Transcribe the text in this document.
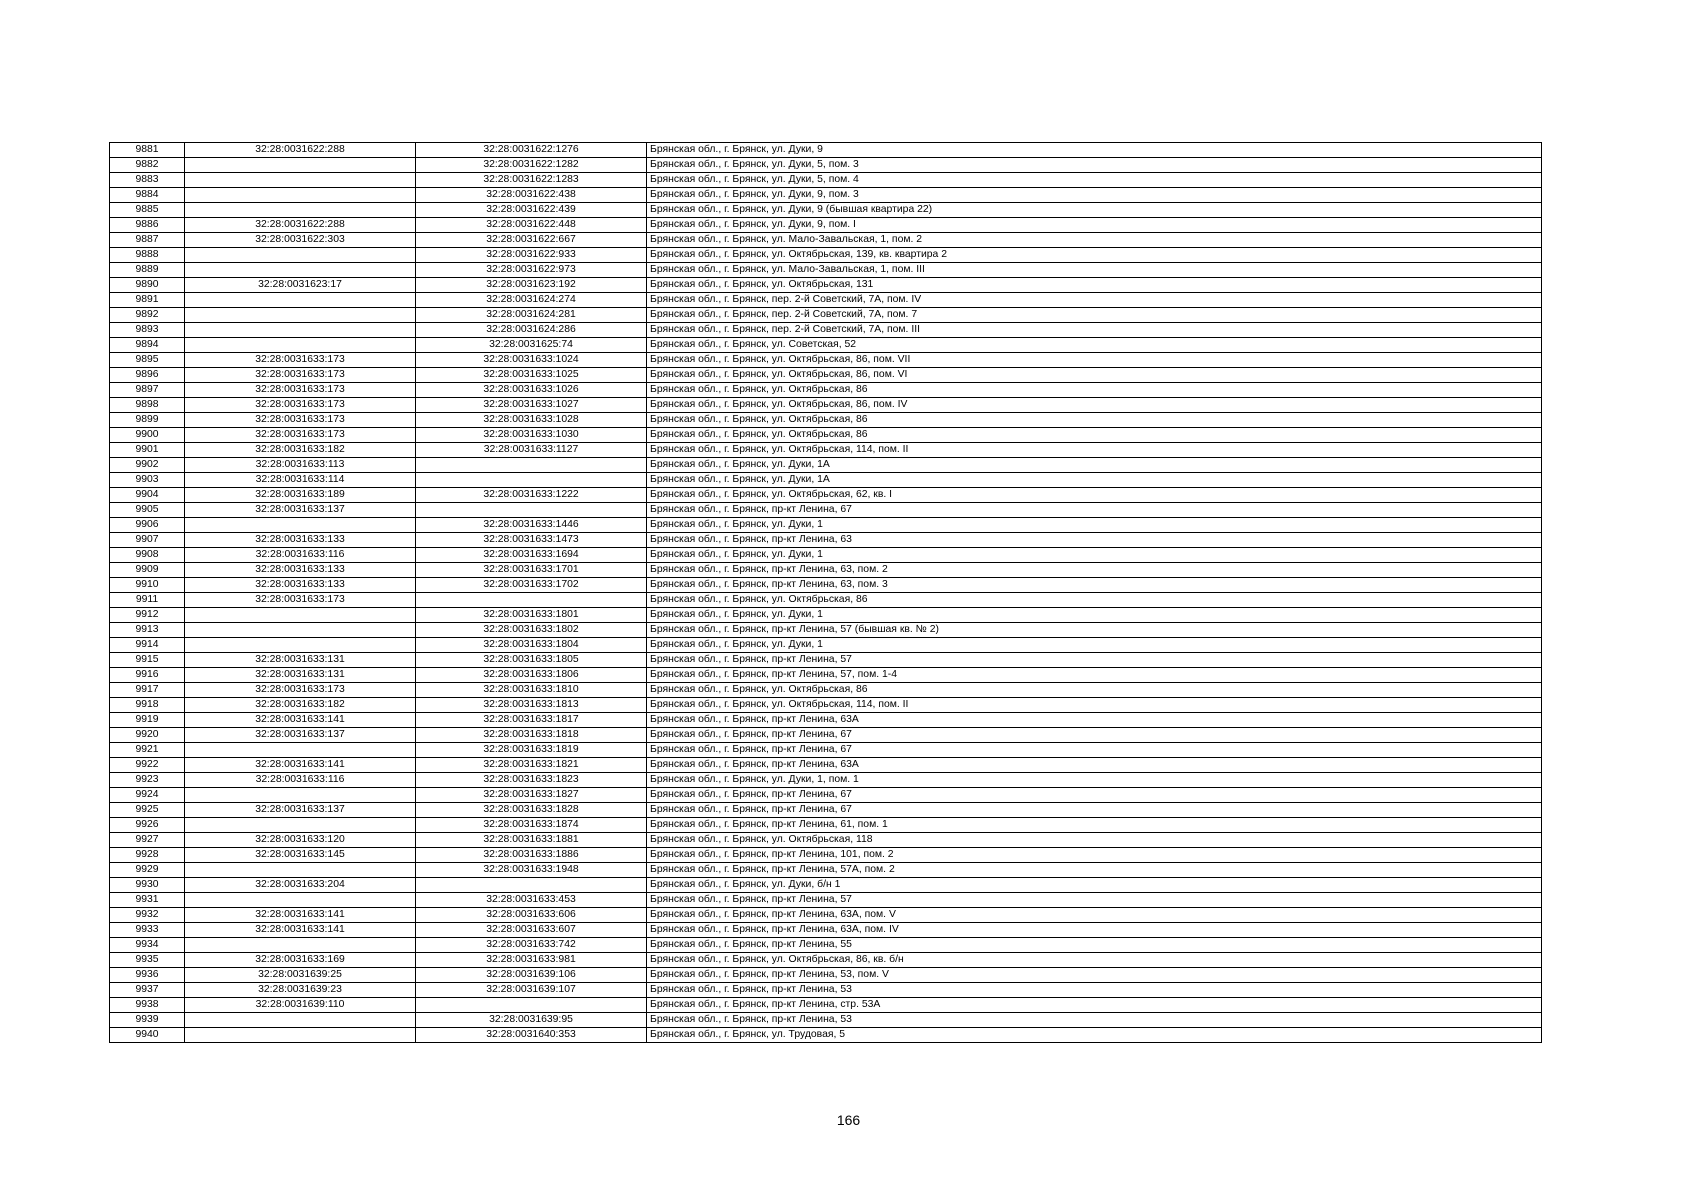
9881	32:28:0031622:288	32:28:0031622:1276	Брянская обл., г. Брянск, ул. Дуки, 9
9882		32:28:0031622:1282	Брянская обл., г. Брянск, ул. Дуки, 5, пом. 3
9883		32:28:0031622:1283	Брянская обл., г. Брянск, ул. Дуки, 5, пом. 4
9884		32:28:0031622:438	Брянская обл., г. Брянск, ул. Дуки, 9, пом. 3
9885		32:28:0031622:439	Брянская обл., г. Брянск, ул. Дуки, 9 (бывшая квартира 22)
9886	32:28:0031622:288	32:28:0031622:448	Брянская обл., г. Брянск, ул. Дуки, 9, пом. I
9887	32:28:0031622:303	32:28:0031622:667	Брянская обл., г. Брянск, ул. Мало-Завальская, 1, пом. 2
9888		32:28:0031622:933	Брянская обл., г. Брянск, ул. Октябрьская, 139, кв. квартира 2
9889		32:28:0031622:973	Брянская обл., г. Брянск, ул. Мало-Завальская, 1, пом. III
9890	32:28:0031623:17	32:28:0031623:192	Брянская обл., г. Брянск, ул. Октябрьская, 131
9891		32:28:0031624:274	Брянская обл., г. Брянск, пер. 2-й Советский, 7А, пом. IV
9892		32:28:0031624:281	Брянская обл., г. Брянск, пер. 2-й Советский, 7А, пом. 7
9893		32:28:0031624:286	Брянская обл., г. Брянск, пер. 2-й Советский, 7А, пом. III
9894		32:28:0031625:74	Брянская обл., г. Брянск, ул. Советская, 52
9895	32:28:0031633:173	32:28:0031633:1024	Брянская обл., г. Брянск, ул. Октябрьская, 86, пом. VII
9896	32:28:0031633:173	32:28:0031633:1025	Брянская обл., г. Брянск, ул. Октябрьская, 86, пом. VI
9897	32:28:0031633:173	32:28:0031633:1026	Брянская обл., г. Брянск, ул. Октябрьская, 86
9898	32:28:0031633:173	32:28:0031633:1027	Брянская обл., г. Брянск, ул. Октябрьская, 86, пом. IV
9899	32:28:0031633:173	32:28:0031633:1028	Брянская обл., г. Брянск, ул. Октябрьская, 86
9900	32:28:0031633:173	32:28:0031633:1030	Брянская обл., г. Брянск, ул. Октябрьская, 86
9901	32:28:0031633:182	32:28:0031633:1127	Брянская обл., г. Брянск, ул. Октябрьская, 114, пом. II
9902	32:28:0031633:113		Брянская обл., г. Брянск, ул. Дуки, 1А
9903	32:28:0031633:114		Брянская обл., г. Брянск, ул. Дуки, 1А
9904	32:28:0031633:189	32:28:0031633:1222	Брянская обл., г. Брянск, ул. Октябрьская, 62, кв. I
9905	32:28:0031633:137		Брянская обл., г. Брянск, пр-кт Ленина, 67
9906		32:28:0031633:1446	Брянская обл., г. Брянск, ул. Дуки, 1
9907	32:28:0031633:133	32:28:0031633:1473	Брянская обл., г. Брянск, пр-кт Ленина, 63
9908	32:28:0031633:116	32:28:0031633:1694	Брянская обл., г. Брянск, ул. Дуки, 1
9909	32:28:0031633:133	32:28:0031633:1701	Брянская обл., г. Брянск, пр-кт Ленина, 63, пом. 2
9910	32:28:0031633:133	32:28:0031633:1702	Брянская обл., г. Брянск, пр-кт Ленина, 63, пом. 3
9911	32:28:0031633:173		Брянская обл., г. Брянск, ул. Октябрьская, 86
9912		32:28:0031633:1801	Брянская обл., г. Брянск, ул. Дуки, 1
9913		32:28:0031633:1802	Брянская обл., г. Брянск, пр-кт Ленина, 57 (бывшая кв. № 2)
9914		32:28:0031633:1804	Брянская обл., г. Брянск, ул. Дуки, 1
9915	32:28:0031633:131	32:28:0031633:1805	Брянская обл., г. Брянск, пр-кт Ленина, 57
9916	32:28:0031633:131	32:28:0031633:1806	Брянская обл., г. Брянск, пр-кт Ленина, 57, пом. 1-4
9917	32:28:0031633:173	32:28:0031633:1810	Брянская обл., г. Брянск, ул. Октябрьская, 86
9918	32:28:0031633:182	32:28:0031633:1813	Брянская обл., г. Брянск, ул. Октябрьская, 114, пом. II
9919	32:28:0031633:141	32:28:0031633:1817	Брянская обл., г. Брянск, пр-кт Ленина, 63А
9920	32:28:0031633:137	32:28:0031633:1818	Брянская обл., г. Брянск, пр-кт Ленина, 67
9921		32:28:0031633:1819	Брянская обл., г. Брянск, пр-кт Ленина, 67
9922	32:28:0031633:141	32:28:0031633:1821	Брянская обл., г. Брянск, пр-кт Ленина, 63А
9923	32:28:0031633:116	32:28:0031633:1823	Брянская обл., г. Брянск, ул. Дуки, 1, пом. 1
9924		32:28:0031633:1827	Брянская обл., г. Брянск, пр-кт Ленина, 67
9925	32:28:0031633:137	32:28:0031633:1828	Брянская обл., г. Брянск, пр-кт Ленина, 67
9926		32:28:0031633:1874	Брянская обл., г. Брянск, пр-кт Ленина, 61, пом. 1
9927	32:28:0031633:120	32:28:0031633:1881	Брянская обл., г. Брянск, ул. Октябрьская, 118
9928	32:28:0031633:145	32:28:0031633:1886	Брянская обл., г. Брянск, пр-кт Ленина, 101, пом. 2
9929		32:28:0031633:1948	Брянская обл., г. Брянск, пр-кт Ленина, 57А, пом. 2
9930	32:28:0031633:204		Брянская обл., г. Брянск, ул. Дуки, б/н 1
9931		32:28:0031633:453	Брянская обл., г. Брянск, пр-кт Ленина, 57
9932	32:28:0031633:141	32:28:0031633:606	Брянская обл., г. Брянск, пр-кт Ленина, 63А, пом. V
9933	32:28:0031633:141	32:28:0031633:607	Брянская обл., г. Брянск, пр-кт Ленина, 63А, пом. IV
9934		32:28:0031633:742	Брянская обл., г. Брянск, пр-кт Ленина, 55
9935	32:28:0031633:169	32:28:0031633:981	Брянская обл., г. Брянск, ул. Октябрьская, 86, кв. б/н
9936	32:28:0031639:25	32:28:0031639:106	Брянская обл., г. Брянск, пр-кт Ленина, 53, пом. V
9937	32:28:0031639:23	32:28:0031639:107	Брянская обл., г. Брянск, пр-кт Ленина, 53
9938	32:28:0031639:110		Брянская обл., г. Брянск, пр-кт Ленина, стр. 53А
9939		32:28:0031639:95	Брянская обл., г. Брянск, пр-кт Ленина, 53
9940		32:28:0031640:353	Брянская обл., г. Брянск, ул. Трудовая, 5
166
